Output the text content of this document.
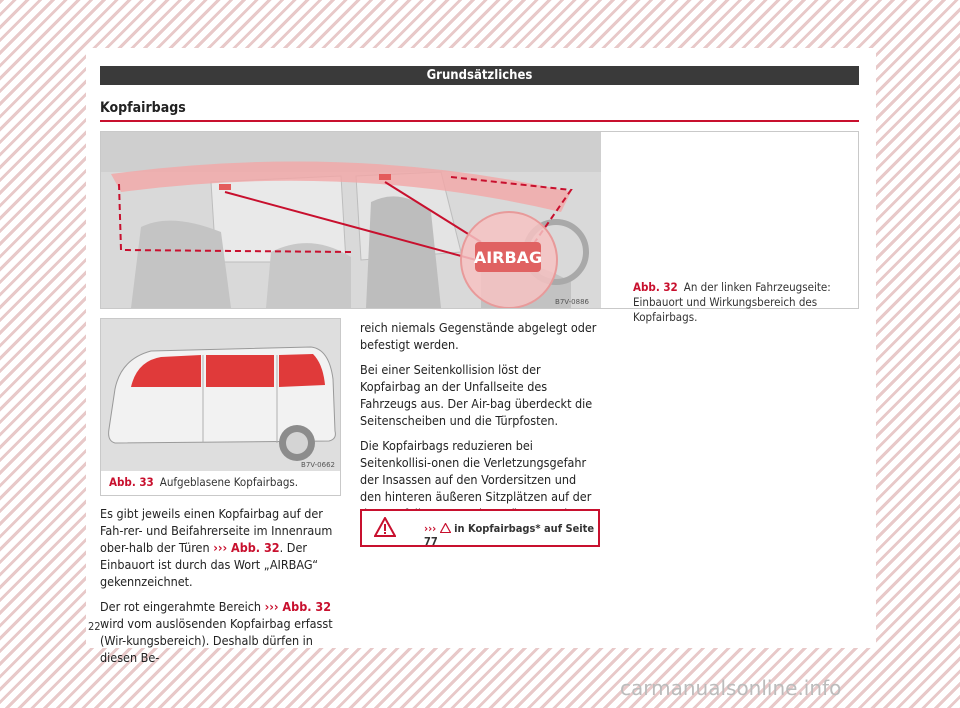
Grundsätzliches
Kopfairbags
AIRBAG
B7V-0886
Abb. 32 An der linken Fahrzeugseite: Einbauort und Wirkungsbereich des Kopfairbags.
B7V-0662
Abb. 33 Aufgeblasene Kopfairbags.

Es gibt jeweils einen Kopfairbag auf der Fah-rer- und Beifahrerseite im Innenraum ober-halb der Türen ››› Abb. 32. Der Einbauort ist durch das Wort „AIRBAG“ gekennzeichnet.

Der rot eingerahmte Bereich ››› Abb. 32 wird vom auslösenden Kopfairbag erfasst (Wir-kungsbereich). Deshalb dürfen in diesen Be-

reich niemals Gegenstände abgelegt oder befestigt werden.

Bei einer Seitenkollision löst der Kopfairbag an der Unfallseite des Fahrzeugs aus. Der Air-bag überdeckt die Seitenscheiben und die Türpfosten.

Die Kopfairbags reduzieren bei Seitenkollisi-onen die Verletzungsgefahr der Insassen auf den Vordersitzen und den hinteren äußeren Sitzplätzen auf der

›››  in Kopfairbags* auf Seite 77
22
carmanualsonline.info
